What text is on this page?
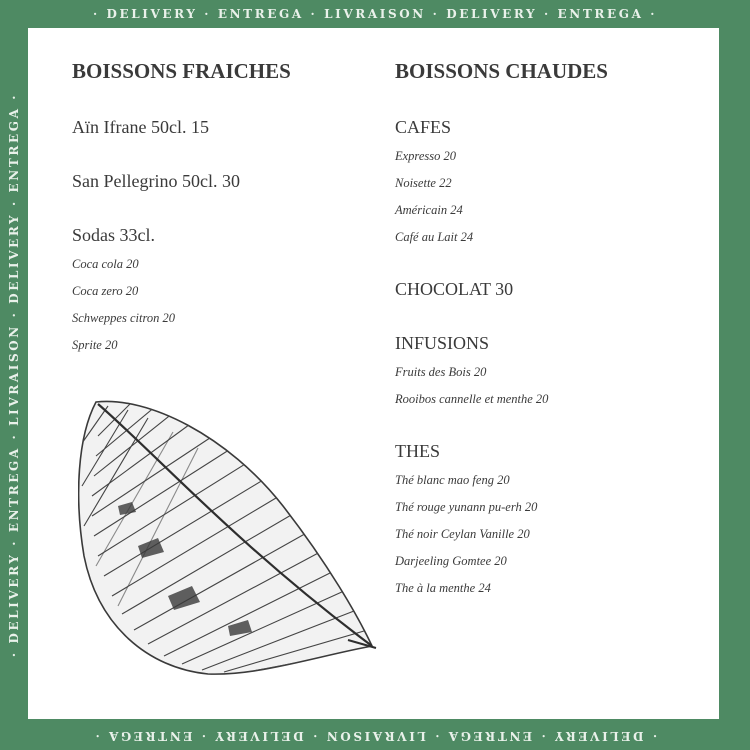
· DELIVERY · ENTREGA · LIVRAISON · DELIVERY · ENTREGA ·
· DELIVERY · ENTREGA · LIVRAISON · DELIVERY · ENTREGA ·
· DELIVERY · ENTREGA · LIVRAISON · DELIVERY · ENTREGA ·
BOISSONS FRAICHES
Aïn Ifrane 50cl. 15
San Pellegrino 50cl. 30
Sodas 33cl.
Coca cola 20
Coca zero 20
Schweppes citron 20
Sprite 20
BOISSONS CHAUDES
CAFES
Expresso 20
Noisette 22
Américain 24
Café au Lait 24
CHOCOLAT 30
INFUSIONS
Fruits des Bois 20
Rooibos cannelle et menthe 20
THES
Thé blanc mao feng 20
Thé rouge yunann pu-erh 20
Thé noir Ceylan Vanille 20
Darjeeling Gomtee 20
The à la menthe 24
